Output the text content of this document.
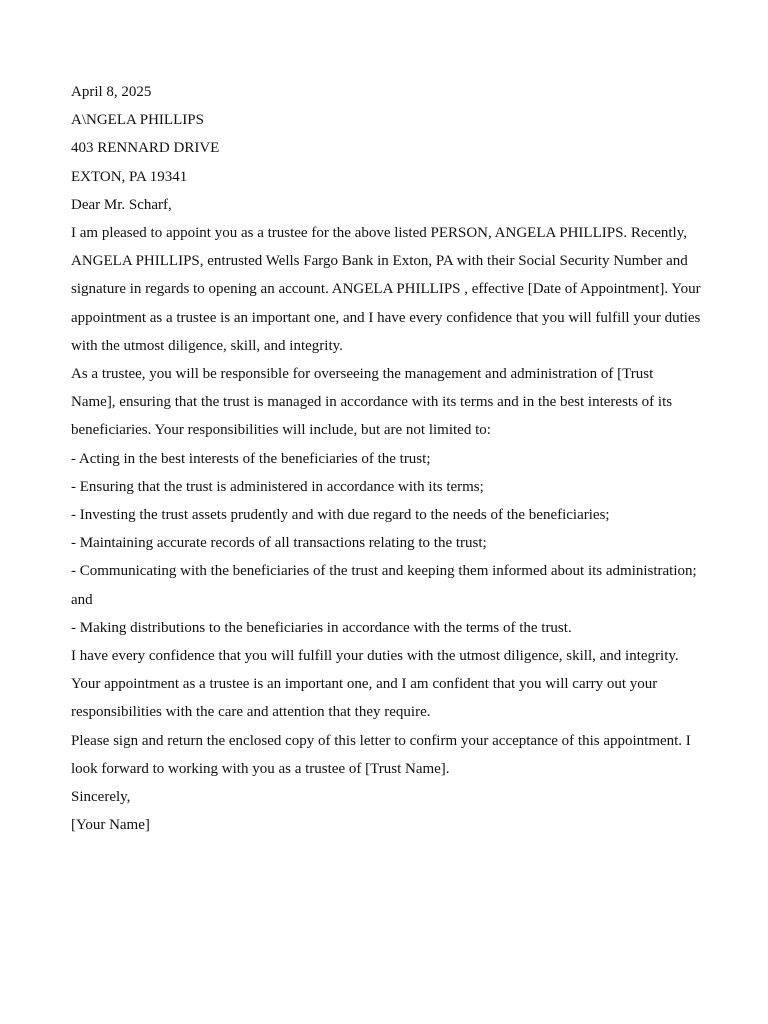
April 8, 2025

A\NGELA PHILLIPS

403 RENNARD DRIVE

EXTON, PA 19341

Dear Mr. Scharf,

I am pleased to appoint you as a trustee for the above listed PERSON, ANGELA PHILLIPS. Recently, ANGELA PHILLIPS, entrusted Wells Fargo Bank in Exton, PA with their Social Security Number and signature in regards to opening an account. ANGELA PHILLIPS , effective [Date of Appointment]. Your appointment as a trustee is an important one, and I have every confidence that you will fulfill your duties with the utmost diligence, skill, and integrity.

As a trustee, you will be responsible for overseeing the management and administration of [Trust Name], ensuring that the trust is managed in accordance with its terms and in the best interests of its beneficiaries. Your responsibilities will include, but are not limited to:

- Acting in the best interests of the beneficiaries of the trust;

- Ensuring that the trust is administered in accordance with its terms;

- Investing the trust assets prudently and with due regard to the needs of the beneficiaries;

- Maintaining accurate records of all transactions relating to the trust;

- Communicating with the beneficiaries of the trust and keeping them informed about its administration; and

- Making distributions to the beneficiaries in accordance with the terms of the trust.

I have every confidence that you will fulfill your duties with the utmost diligence, skill, and integrity. Your appointment as a trustee is an important one, and I am confident that you will carry out your responsibilities with the care and attention that they require.

Please sign and return the enclosed copy of this letter to confirm your acceptance of this appointment. I look forward to working with you as a trustee of [Trust Name].

Sincerely,

[Your Name]
